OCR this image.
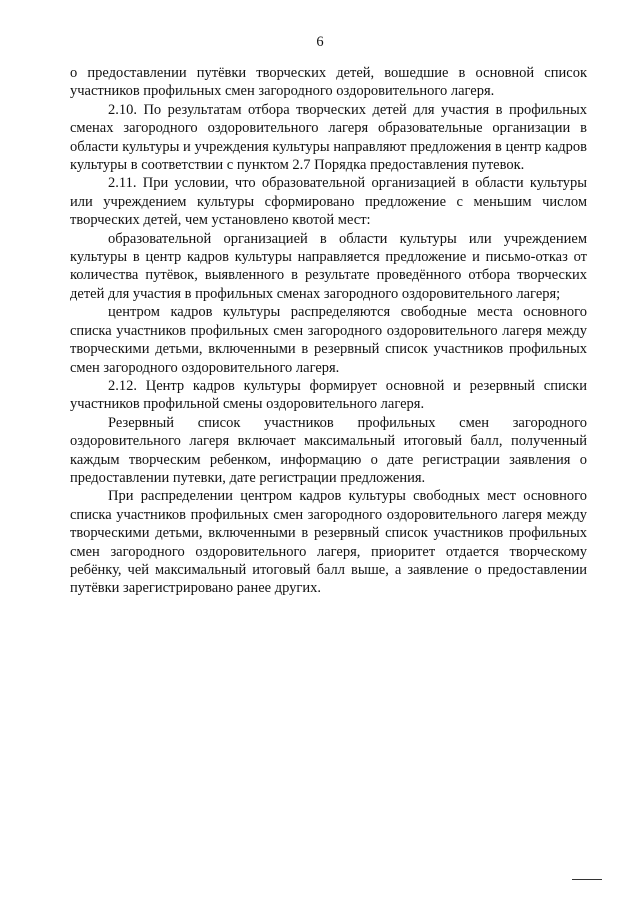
6

о предоставлении путёвки творческих детей, вошедшие в основной список участников профильных смен загородного оздоровительного лагеря.

2.10. По результатам отбора творческих детей для участия в профильных сменах загородного оздоровительного лагеря образовательные организации в области культуры и учреждения культуры направляют предложения в центр кадров культуры в соответствии с пунктом 2.7 Порядка предоставления путевок.

2.11. При условии, что образовательной организацией в области культуры или учреждением культуры сформировано предложение с меньшим числом творческих детей, чем установлено квотой мест:

образовательной организацией в области культуры или учреждением культуры в центр кадров культуры направляется предложение и письмо-отказ от количества путёвок, выявленного в результате проведённого отбора творческих детей для участия в профильных сменах загородного оздоровительного лагеря;

центром кадров культуры распределяются свободные места основного списка участников профильных смен загородного оздоровительного лагеря между творческими детьми, включенными в резервный список участников профильных смен загородного оздоровительного лагеря.

2.12. Центр кадров культуры формирует основной и резервный списки участников профильной смены оздоровительного лагеря.

Резервный список участников профильных смен загородного оздоровительного лагеря включает максимальный итоговый балл, полученный каждым творческим ребенком, информацию о дате регистрации заявления о предоставлении путевки, дате регистрации предложения.

При распределении центром кадров культуры свободных мест основного списка участников профильных смен загородного оздоровительного лагеря между творческими детьми, включенными в резервный список участников профильных смен загородного оздоровительного лагеря, приоритет отдается творческому ребёнку, чей максимальный итоговый балл выше, а заявление о предоставлении путёвки зарегистрировано ранее других.
